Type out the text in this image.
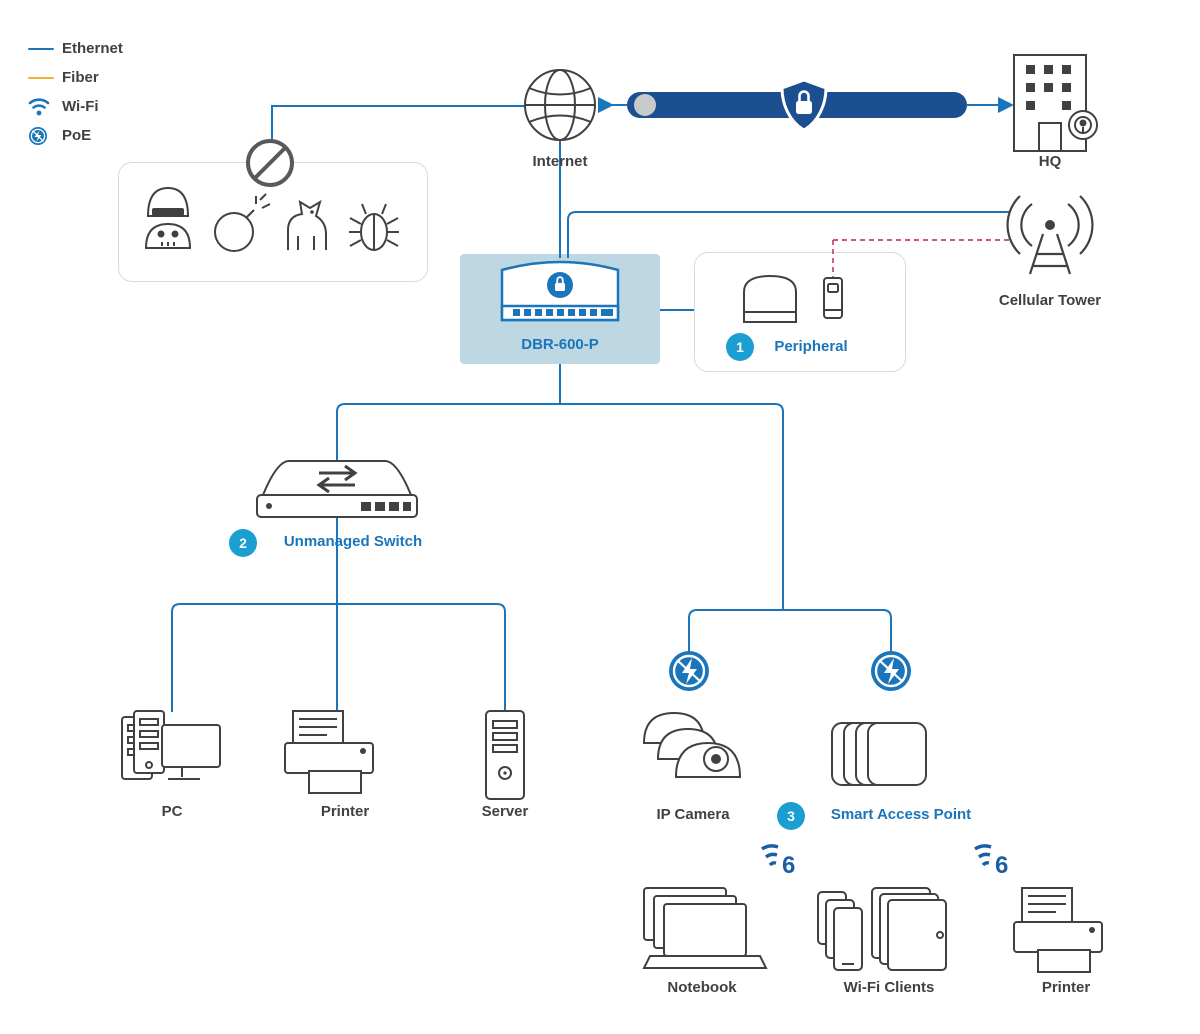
6	6
Ethernet
Fiber
Wi-Fi
PoE
Internet	HQ
Cellular Tower
DBR-600-P	Peripheral
Unmanaged Switch
PC	Printer	Server	IP Camera	Smart Access Point
Notebook	Wi-Fi Clients	Printer
1
2
3
